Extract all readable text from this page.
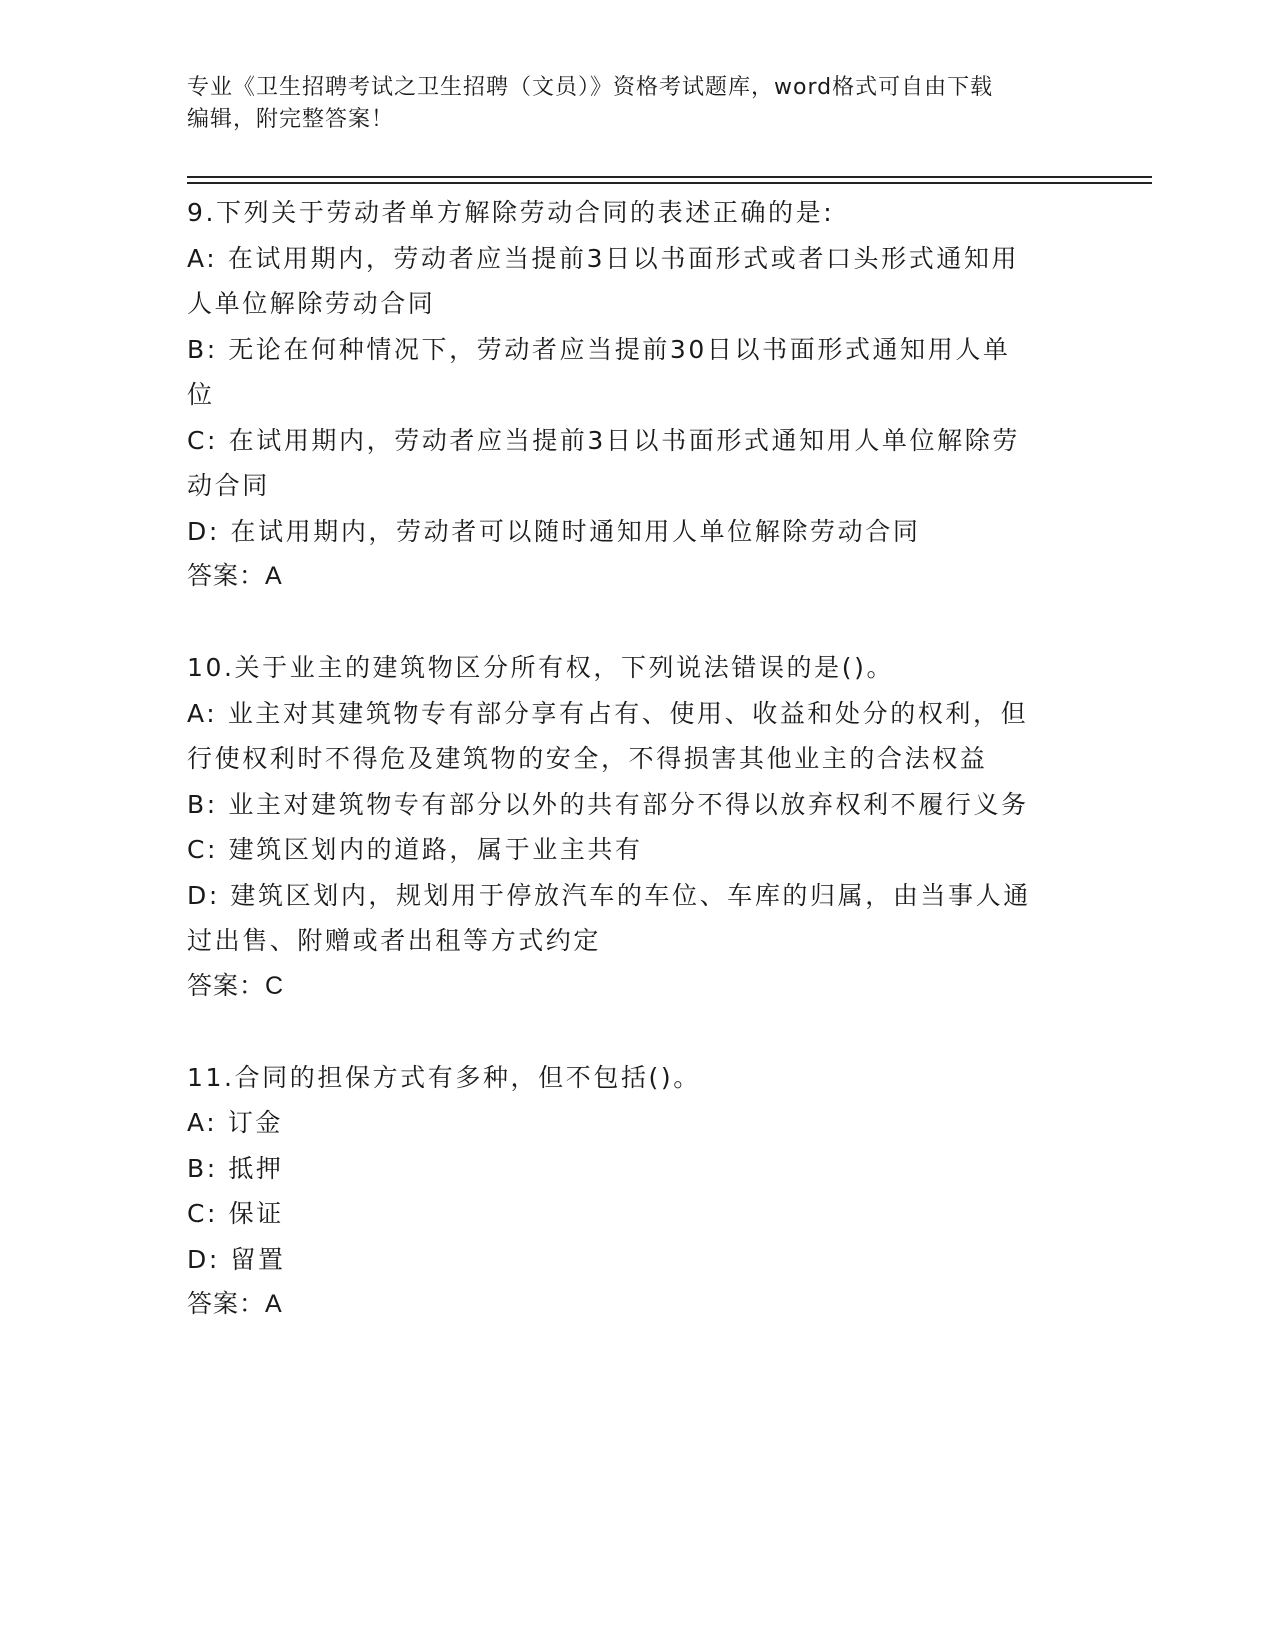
专业《卫生招聘考试之卫生招聘（文员）》资格考试题库，word格式可自由下载
编辑，附完整答案！

9.下列关于劳动者单方解除劳动合同的表述正确的是:

A: 在试用期内，劳动者应当提前3日以书面形式或者口头形式通知用

人单位解除劳动合同

B: 无论在何种情况下，劳动者应当提前30日以书面形式通知用人单

位

C: 在试用期内，劳动者应当提前3日以书面形式通知用人单位解除劳

动合同

D: 在试用期内，劳动者可以随时通知用人单位解除劳动合同

答案：A

10.关于业主的建筑物区分所有权，下列说法错误的是()。

A: 业主对其建筑物专有部分享有占有、使用、收益和处分的权利，但

行使权利时不得危及建筑物的安全，不得损害其他业主的合法权益

B: 业主对建筑物专有部分以外的共有部分不得以放弃权利不履行义务

C: 建筑区划内的道路，属于业主共有

D: 建筑区划内，规划用于停放汽车的车位、车库的归属，由当事人通

过出售、附赠或者出租等方式约定

答案：C

11.合同的担保方式有多种，但不包括()。

A: 订金

B: 抵押

C: 保证

D: 留置

答案：A
